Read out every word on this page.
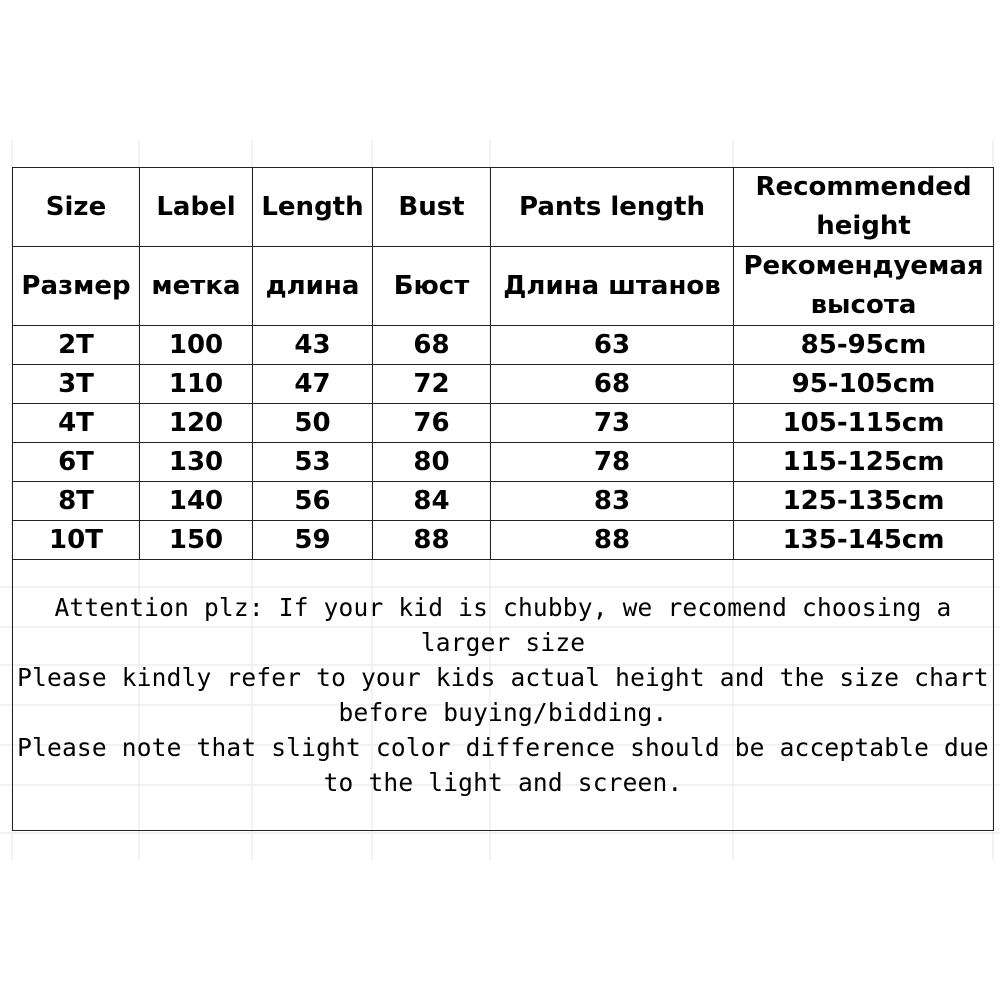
Size	Label	Length	Bust	Pants length	Recommended height
Размер	метка	длина	Бюст	Длина штанов	Рекомендуемая высота
2T	100	43	68	63	85-95cm
3T	110	47	72	68	95-105cm
4T	120	50	76	73	105-115cm
6T	130	53	80	78	115-125cm
8T	140	56	84	83	125-135cm
10T	150	59	88	88	135-145cm

Attention plz: If your kid is chubby, we recomend choosing a larger size
Please kindly refer to your kids actual height and the size chart before buying/bidding.
Please note that slight color difference should be acceptable due to the light and screen.					
